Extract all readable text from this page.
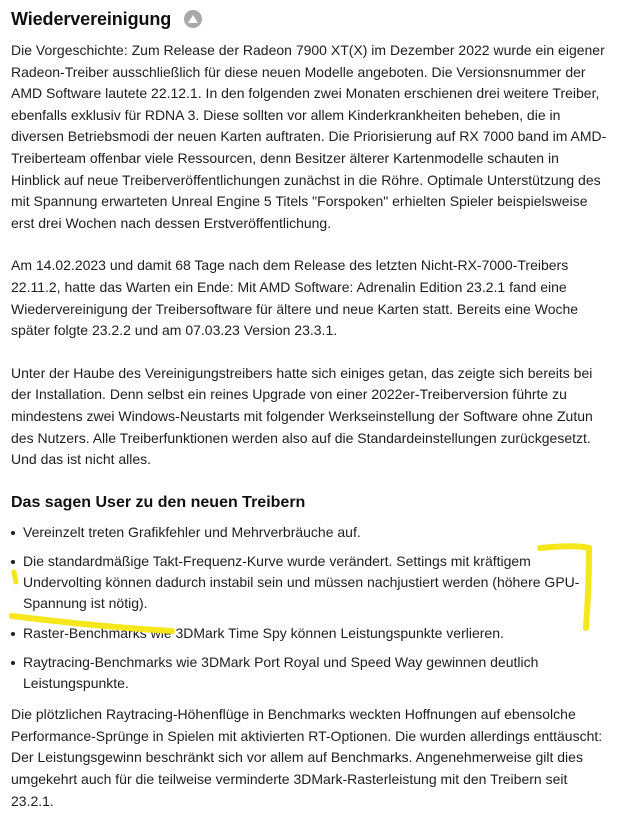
Wiedervereinigung

Die Vorgeschichte: Zum Release der Radeon 7900 XT(X) im Dezember 2022 wurde ein eigener Radeon-Treiber ausschließlich für diese neuen Modelle angeboten. Die Versionsnummer der AMD Software lautete 22.12.1. In den folgenden zwei Monaten erschienen drei weitere Treiber, ebenfalls exklusiv für RDNA 3. Diese sollten vor allem Kinderkrankheiten beheben, die in diversen Betriebsmodi der neuen Karten auftraten. Die Priorisierung auf RX 7000 band im AMD-Treiberteam offenbar viele Ressourcen, denn Besitzer älterer Kartenmodelle schauten in Hinblick auf neue Treiberveröffentlichungen zunächst in die Röhre. Optimale Unterstützung des mit Spannung erwarteten Unreal Engine 5 Titels "Forspoken" erhielten Spieler beispielsweise erst drei Wochen nach dessen Erstveröffentlichung.

Am 14.02.2023 und damit 68 Tage nach dem Release des letzten Nicht-RX-7000-Treibers 22.11.2, hatte das Warten ein Ende: Mit AMD Software: Adrenalin Edition 23.2.1 fand eine Wiedervereinigung der Treibersoftware für ältere und neue Karten statt. Bereits eine Woche später folgte 23.2.2 und am 07.03.23 Version 23.3.1.

Unter der Haube des Vereinigungstreibers hatte sich einiges getan, das zeigte sich bereits bei der Installation. Denn selbst ein reines Upgrade von einer 2022er-Treiberversion führte zu mindestens zwei Windows-Neustarts mit folgender Werkseinstellung der Software ohne Zutun des Nutzers. Alle Treiberfunktionen werden also auf die Standardeinstellungen zurückgesetzt. Und das ist nicht alles.

Das sagen User zu den neuen Treibern
Vereinzelt treten Grafikfehler und Mehrverbräuche auf.
Die standardmäßige Takt-Frequenz-Kurve wurde verändert. Settings mit kräftigem Undervolting können dadurch instabil sein und müssen nachjustiert werden (höhere GPU-Spannung ist nötig).
Raster-Benchmarks wie 3DMark Time Spy können Leistungspunkte verlieren.
Raytracing-Benchmarks wie 3DMark Port Royal und Speed Way gewinnen deutlich Leistungspunkte.

Die plötzlichen Raytracing-Höhenflüge in Benchmarks weckten Hoffnungen auf ebensolche Performance-Sprünge in Spielen mit aktivierten RT-Optionen. Die wurden allerdings enttäuscht: Der Leistungsgewinn beschränkt sich vor allem auf Benchmarks. Angenehmerweise gilt dies umgekehrt auch für die teilweise verminderte 3DMark-Rasterleistung mit den Treibern seit 23.2.1.
